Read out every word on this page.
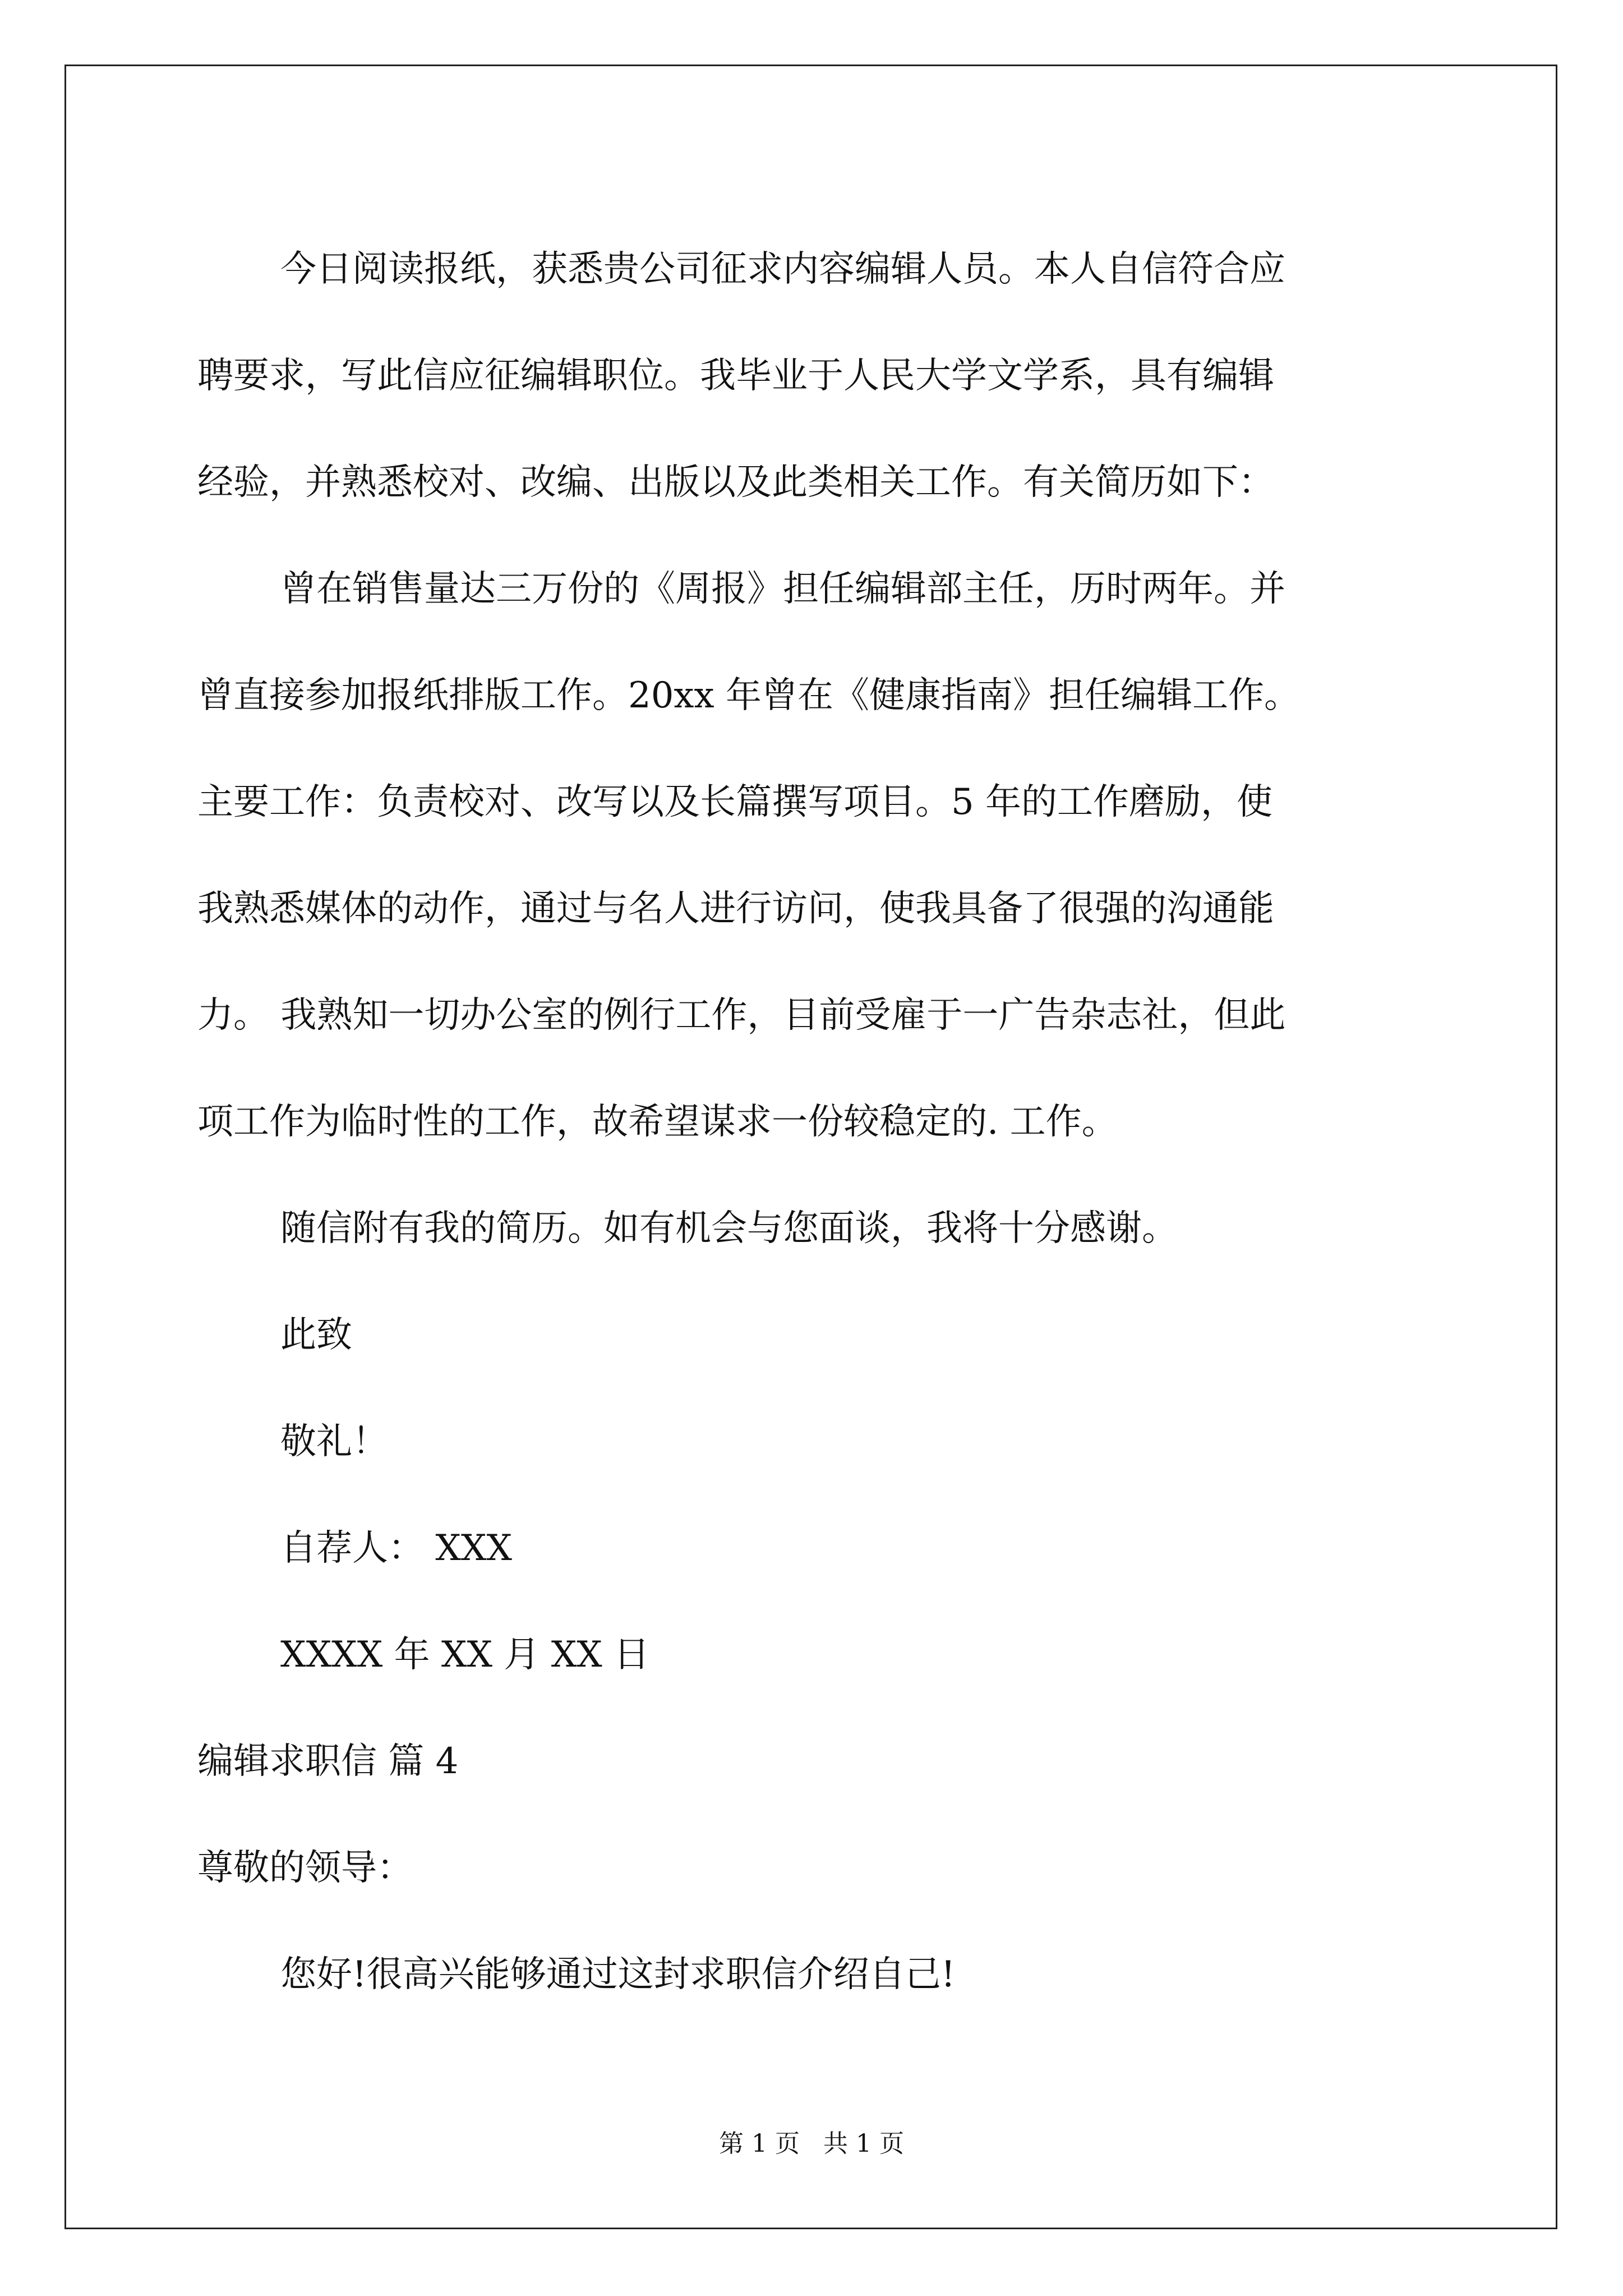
今日阅读报纸，获悉贵公司征求内容编辑人员。本人自信符合应
聘要求，写此信应征编辑职位。我毕业于人民大学文学系，具有编辑
经验，并熟悉校对、改编、出版以及此类相关工作。有关简历如下：
曾在销售量达三万份的《周报》担任编辑部主任，历时两年。并
曾直接参加报纸排版工作。20xx 年曾在《健康指南》担任编辑工作。
主要工作：负责校对、改写以及长篇撰写项目。5 年的工作磨励，使
我熟悉媒体的动作，通过与名人进行访问，使我具备了很强的沟通能
力。 我熟知一切办公室的例行工作，目前受雇于一广告杂志社，但此
项工作为临时性的工作，故希望谋求一份较稳定的. 工作。
随信附有我的简历。如有机会与您面谈，我将十分感谢。
此致
敬礼！
自荐人： XXX
XXXX 年 XX 月 XX 日
编辑求职信 篇 4
尊敬的领导：
您好!很高兴能够通过这封求职信介绍自己!
第 1 页 共 1 页
